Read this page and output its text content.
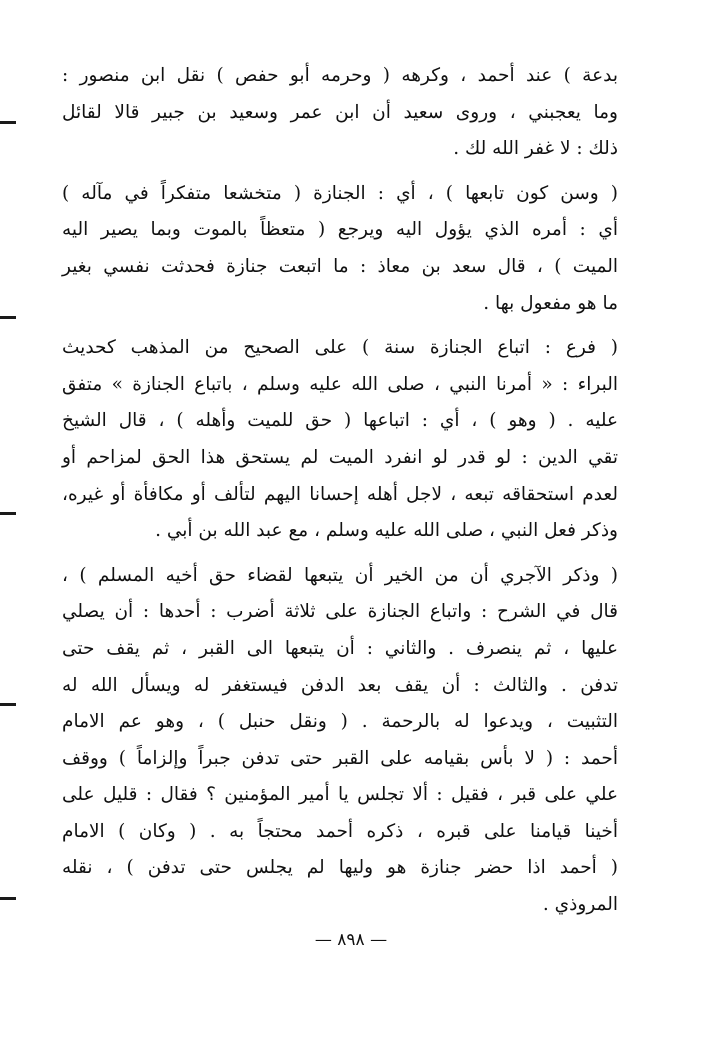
بدعة ) عند أحمد ، وكرهه ( وحرمه أبو حفص ) نقل ابن منصور :
وما يعجبني ، وروى سعيد أن ابن عمر وسعيد بن جبير قالا لقائل
ذلك : لا غفر الله لك .
( وسن كون تابعها ) ، أي : الجنازة ( متخشعا متفكراً في مآله )
أي : أمره الذي يؤول اليه ويرجع ( متعظاً بالموت وبما يصير اليه
الميت ) ، قال سعد بن معاذ : ما اتبعت جنازة فحدثت نفسي بغير
ما هو مفعول بها .
( فرع : اتباع الجنازة سنة ) على الصحيح من المذهب كحديث
البراء : « أمرنا النبي ، صلى الله عليه وسلم ، باتباع الجنازة » متفق
عليه . ( وهو ) ، أي : اتباعها ( حق للميت وأهله ) ، قال الشيخ
تقي الدين : لو قدر لو انفرد الميت لم يستحق هذا الحق لمزاحم أو
لعدم استحقاقه تبعه ، لاجل أهله إحسانا اليهم لتألف أو مكافأة أو غيره،
وذكر فعل النبي ، صلى الله عليه وسلم ، مع عبد الله بن أبي .
( وذكر الآجري أن من الخير أن يتبعها لقضاء حق أخيه المسلم ) ،
قال في الشرح : واتباع الجنازة على ثلاثة أضرب : أحدها : أن يصلي
عليها ، ثم ينصرف . والثاني : أن يتبعها الى القبر ، ثم يقف حتى
تدفن . والثالث : أن يقف بعد الدفن فيستغفر له ويسأل الله له
التثبيت ، ويدعوا له بالرحمة . ( ونقل حنبل ) ، وهو عم الامام
أحمد : ( لا بأس بقيامه على القبر حتى تدفن جبراً وإلزاماً ) ووقف
علي على قبر ، فقيل : ألا تجلس يا أمير المؤمنين ؟ فقال : قليل على
أخينا قيامنا على قبره ، ذكره أحمد محتجاً به . ( وكان ) الامام
( أحمد اذا حضر جنازة هو وليها لم يجلس حتى تدفن ) ، نقله
المروذي .
— ٨٩٨ —
